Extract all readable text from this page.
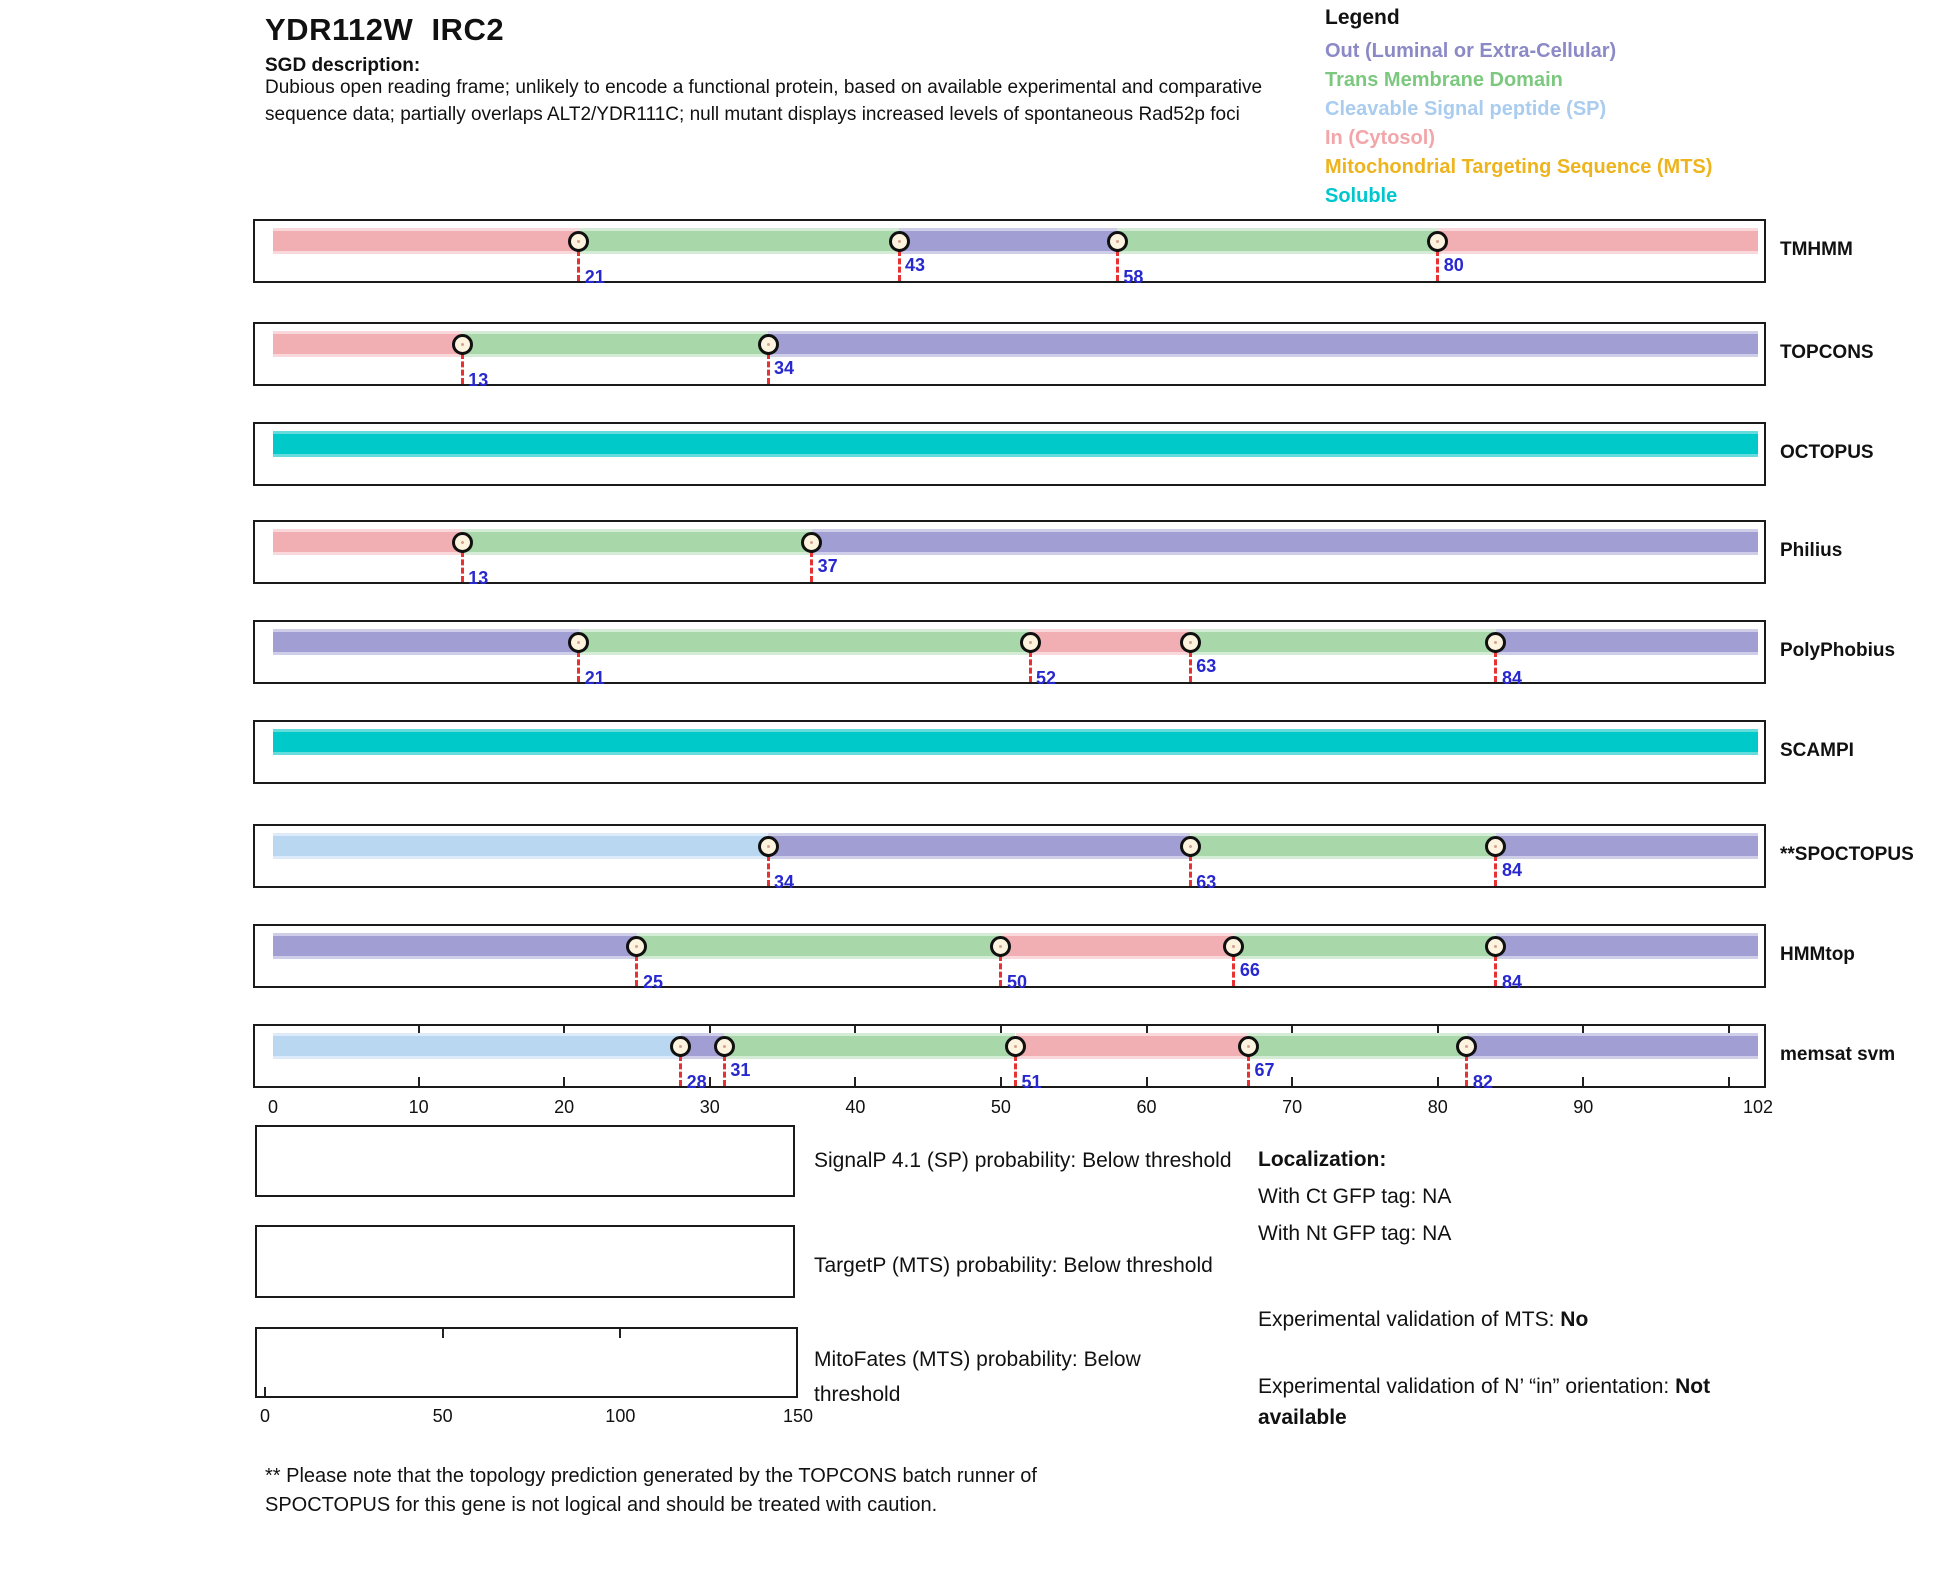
YDR112W  IRC2
SGD description:
Dubious open reading frame; unlikely to encode a functional protein, based on available experimental and comparative sequence data; partially overlaps ALT2/YDR111C; null mutant displays increased levels of spontaneous Rad52p foci
Legend
Out (Luminal or Extra-Cellular)
Trans Membrane Domain
Cleavable Signal peptide (SP)
In (Cytosol)
Mitochondrial Targeting Sequence (MTS)
Soluble
21
43
58
80
TMHMM
13
34
TOPCONS
OCTOPUS
13
37
Philius
21	52
63
84
PolyPhobius
SCAMPI
34	63
84
**SPOCTOPUS
25	50
66
84
HMMtop
28
31
51
67
82
memsat svm
0	10	20	30	40	50	60	70	80	90	102
SignalP 4.1 (SP) probability: Below threshold
TargetP (MTS) probability: Below threshold
MitoFates (MTS) probability: Below threshold
0	50	100	150
Localization:
With Ct GFP tag: NA
With Nt GFP tag: NA
Experimental validation of MTS: No
Experimental validation of N’ “in” orientation: Not available
** Please note that the topology prediction generated by the TOPCONS batch runner of SPOCTOPUS for this gene is not logical and should be treated with caution.
